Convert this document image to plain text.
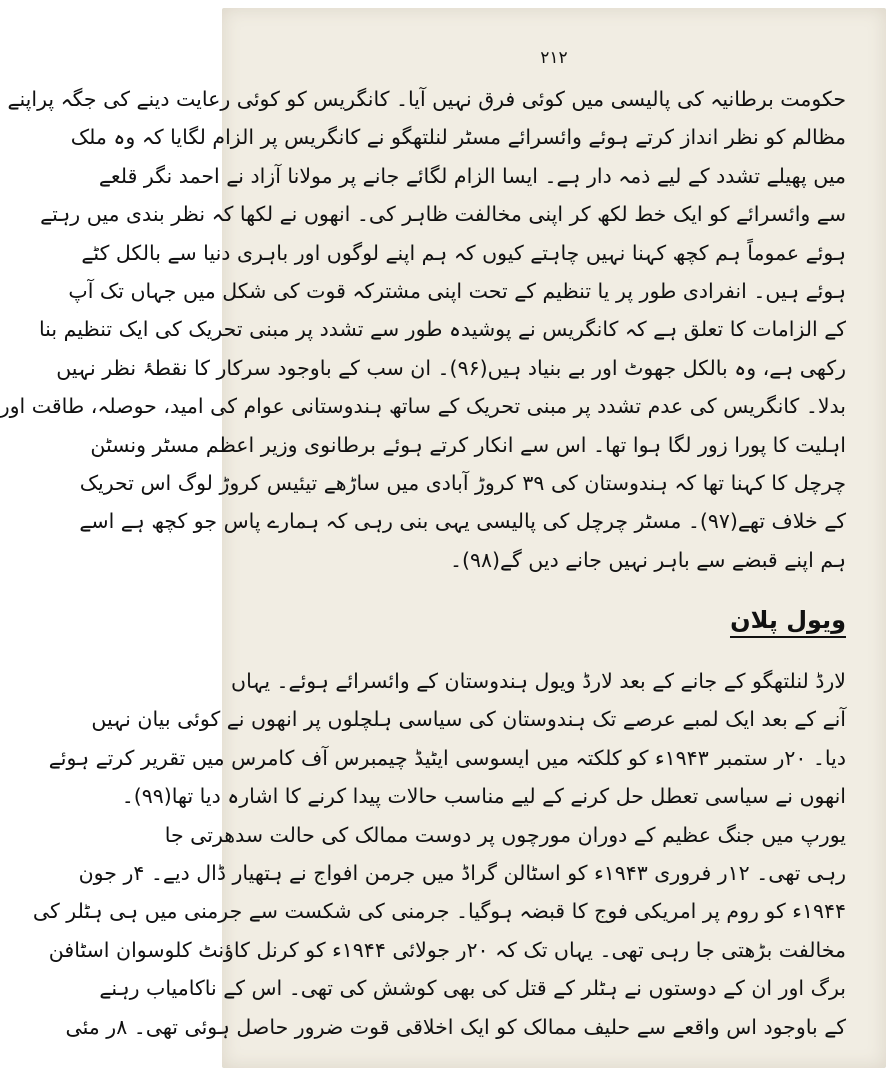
۲۱۲
حکومت برطانیہ کی پالیسی میں کوئی فرق نہیں آیا۔ کانگریس کو کوئی رعایت دینے کی جگہ پراپنے
مظالم کو نظر انداز کرتے ہوئے وائسرائے مسٹر لنلتھگو نے کانگریس پر الزام لگایا کہ وہ ملک
میں پھیلے تشدد کے لیے ذمہ دار ہے۔ ایسا الزام لگائے جانے پر مولانا آزاد نے احمد نگر قلعے
سے وائسرائے کو ایک خط لکھ کر اپنی مخالفت ظاہر کی۔ انھوں نے لکھا کہ نظر بندی میں رہتے
ہوئے عموماً ہم کچھ کہنا نہیں چاہتے کیوں کہ ہم اپنے لوگوں اور باہری دنیا سے بالکل کٹے
ہوئے ہیں۔ انفرادی طور پر یا تنظیم کے تحت اپنی مشترکہ قوت کی شکل میں جہاں تک آپ
کے الزامات کا تعلق ہے کہ کانگریس نے پوشیدہ طور سے تشدد پر مبنی تحریک کی ایک تنظیم بنا
رکھی ہے، وہ بالکل جھوٹ اور بے بنیاد ہیں(۹۶)۔ ان سب کے باوجود سرکار کا نقطۂ نظر نہیں
بدلا۔ کانگریس کی عدم تشدد پر مبنی تحریک کے ساتھ ہندوستانی عوام کی امید، حوصلہ، طاقت اور
اہلیت کا پورا زور لگا ہوا تھا۔ اس سے انکار کرتے ہوئے برطانوی وزیر اعظم مسٹر ونسٹن
چرچل کا کہنا تھا کہ ہندوستان کی ۳۹ کروڑ آبادی میں ساڑھے تیئیس کروڑ لوگ اس تحریک
کے خلاف تھے(۹۷)۔ مسٹر چرچل کی پالیسی یہی بنی رہی کہ ہمارے پاس جو کچھ ہے اسے
ہم اپنے قبضے سے باہر نہیں جانے دیں گے(۹۸)۔
ویول پلان
لارڈ لنلتھگو کے جانے کے بعد لارڈ ویول ہندوستان کے وائسرائے ہوئے۔ یہاں
آنے کے بعد ایک لمبے عرصے تک ہندوستان کی سیاسی ہلچلوں پر انھوں نے کوئی بیان نہیں
دیا۔ ۲۰ر ستمبر ۱۹۴۳ء کو کلکتہ میں ایسوسی ایٹیڈ چیمبرس آف کامرس میں تقریر کرتے ہوئے
انھوں نے سیاسی تعطل حل کرنے کے لیے مناسب حالات پیدا کرنے کا اشارہ دیا تھا(۹۹)۔
یورپ میں جنگ عظیم کے دوران مورچوں پر دوست ممالک کی حالت سدھرتی جا
رہی تھی۔ ۱۲ر فروری ۱۹۴۳ء کو اسٹالن گراڈ میں جرمن افواج نے ہتھیار ڈال دیے۔ ۴ر جون
۱۹۴۴ء کو روم پر امریکی فوج کا قبضہ ہوگیا۔ جرمنی کی شکست سے جرمنی میں ہی ہٹلر کی
مخالفت بڑھتی جا رہی تھی۔ یہاں تک کہ ۲۰ر جولائی ۱۹۴۴ء کو کرنل کاؤنٹ کلوسوان اسٹافن
برگ اور ان کے دوستوں نے ہٹلر کے قتل کی بھی کوشش کی تھی۔ اس کے ناکامیاب رہنے
کے باوجود اس واقعے سے حلیف ممالک کو ایک اخلاقی قوت ضرور حاصل ہوئی تھی۔ ۸ر مئی
